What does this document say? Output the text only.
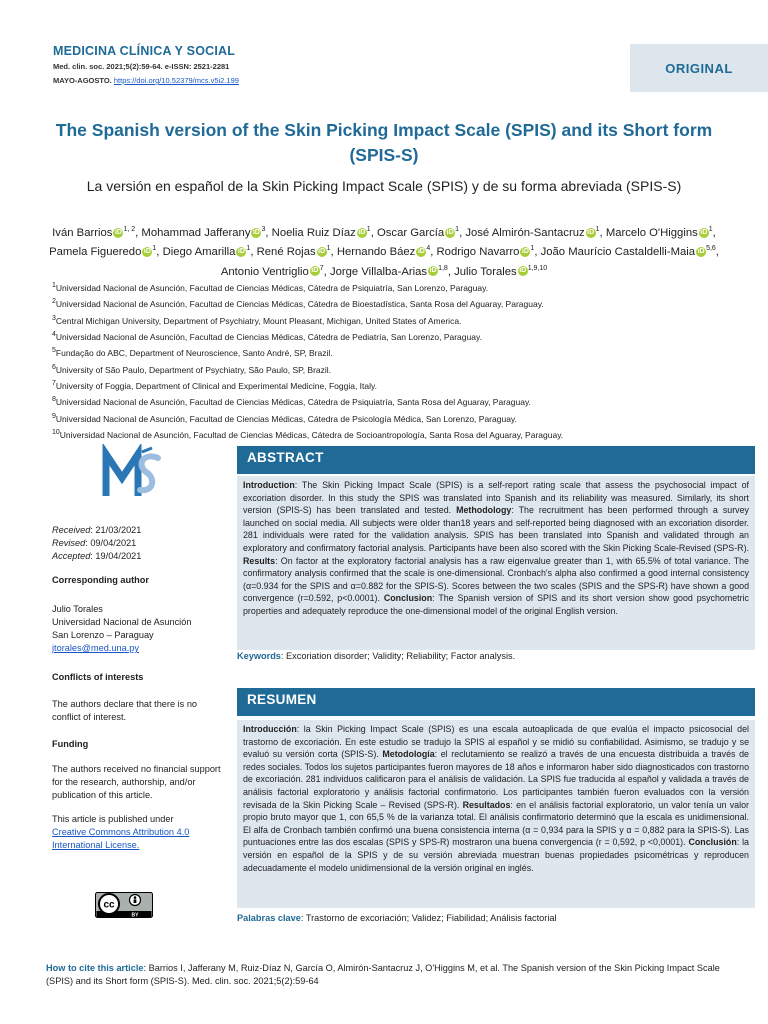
MEDICINA CLÍNICA Y SOCIAL
Med. clin. soc. 2021;5(2):59-64. e-ISSN: 2521-2281
MAYO-AGOSTO. https://doi.org/10.52379/mcs.v5i2.199
ORIGINAL
The Spanish version of the Skin Picking Impact Scale (SPIS) and its Short form (SPIS-S)
La versión en español de la Skin Picking Impact Scale (SPIS) y de su forma abreviada (SPIS-S)
Iván Barrios iD $^{1, 2}$, Mohammad Jafferany iD $^3$, Noelia Ruiz Díaz iD $^1$, Oscar García iD $^1$, José Almirón-Santacruz iD $^1$, Marcelo O'Higgins iD $^1$, Pamela Figueredo iD $^1$, Diego Amarilla iD $^1$, René Rojas iD $^1$, Hernando Báez iD $^4$, Rodrigo Navarro iD $^1$, João Maurício Castaldelli-Maia iD $^{5,6}$, Antonio Ventriglio iD $^7$, Jorge Villalba-Arias iD $^{1,8}$, Julio Torales iD $^{1,9,10}$
$^1$Universidad Nacional de Asunción, Facultad de Ciencias Médicas, Cátedra de Psiquiatría, San Lorenzo, Paraguay.
$^2$Universidad Nacional de Asunción, Facultad de Ciencias Médicas, Cátedra de Bioestadística, Santa Rosa del Aguaray, Paraguay.
$^3$Central Michigan University, Department of Psychiatry, Mount Pleasant, Michigan, United States of America.
$^4$Universidad Nacional de Asunción, Facultad de Ciencias Médicas, Cátedra de Pediatría, San Lorenzo, Paraguay.
$^5$Fundação do ABC, Department of Neuroscience, Santo André, SP, Brazil.
$^6$University of São Paulo, Department of Psychiatry, São Paulo, SP, Brazil.
$^7$University of Foggia, Department of Clinical and Experimental Medicine, Foggia, Italy.
$^8$Universidad Nacional de Asunción, Facultad de Ciencias Médicas, Cátedra de Psiquiatría, Santa Rosa del Aguaray, Paraguay.
$^9$Universidad Nacional de Asunción, Facultad de Ciencias Médicas, Cátedra de Psicología Médica, San Lorenzo, Paraguay.
$^{10}$Universidad Nacional de Asunción, Facultad de Ciencias Médicas, Cátedra de Socioantropología, Santa Rosa del Aguaray, Paraguay.
Received: 21/03/2021
Revised: 09/04/2021
Accepted: 19/04/2021
Corresponding author
Julio Torales
Universidad Nacional de Asunción
San Lorenzo – Paraguay
jtorales@med.una.py
Conflicts of interests
The authors declare that there is no conflict of interest.
Funding
The authors received no financial support for the research, authorship, and/or publication of this article.
This article is published under
Creative Commons Attribution 4.0 International License.
cc
BY
ABSTRACT
Introduction: The Skin Picking Impact Scale (SPIS) is a self-report rating scale that assess the psychosocial impact of excoriation disorder. In this study the SPIS was translated into Spanish and its reliability was measured. Similarly, its short version (SPIS-S) has been translated and tested. Methodology: The recruitment has been performed through a survey launched on social media. All subjects were older than18 years and self-reported being diagnosed with an excoriation disorder. 281 individuals were rated for the validation analysis. SPIS has been translated into Spanish and validated through an exploratory and confirmatory factorial analysis. Participants have been also scored with the Skin Picking Scale-Revised (SPS-R). Results: On factor at the exploratory factorial analysis has a raw eigenvalue greater than 1, with 65.5% of total variance. The confirmatory analysis confirmed that the scale is one-dimensional. Cronbach's alpha also confirmed a good internal consistency (α=0.934 for the SPIS and α=0.882 for the SPIS-S). Scores between the two scales (SPIS and the SPS-R) have shown a good convergence (r=0.592, p<0.0001). Conclusion: The Spanish version of SPIS and its short version show good psychometric properties and adequately reproduce the one-dimensional model of the original English version.
Keywords: Excoriation disorder; Validity; Reliability; Factor analysis.
RESUMEN
Introducción: la Skin Picking Impact Scale (SPIS) es una escala autoaplicada de que evalúa el impacto psicosocial del trastorno de excoriación. En este estudio se tradujo la SPIS al español y se midió su confiabilidad. Asimismo, se tradujo y se evaluó su versión corta (SPIS-S). Metodología: el reclutamiento se realizó a través de una encuesta distribuida a través de redes sociales. Todos los sujetos participantes fueron mayores de 18 años e informaron haber sido diagnosticados con trastorno de excoriación. 281 individuos calificaron para el análisis de validación. La SPIS fue traducida al español y validada a través de análisis factorial exploratorio y análisis factorial confirmatorio. Los participantes también fueron evaluados con la versión revisada de la Skin Picking Scale – Revised (SPS-R). Resultados: en el análisis factorial exploratorio, un valor tenía un valor propio bruto mayor que 1, con 65,5 % de la varianza total. El análisis confirmatorio determinó que la escala es unidimensional. El alfa de Cronbach también confirmó una buena consistencia interna (α = 0,934 para la SPIS y α = 0,882 para la SPIS-S). Las puntuaciones entre las dos escalas (SPIS y SPS-R) mostraron una buena convergencia (r = 0,592, p <0,0001). Conclusión: la versión en español de la SPIS y de su versión abreviada muestran buenas propiedades psicométricas y reproducen adecuadamente el modelo unidimensional de la versión original en inglés.
Palabras clave: Trastorno de excoriación; Validez; Fiabilidad; Análisis factorial
How to cite this article: Barrios I, Jafferany M, Ruiz-Díaz N, García O, Almirón-Santacruz J, O'Higgins M, et al. The Spanish version of the Skin Picking Impact Scale (SPIS) and its Short form (SPIS-S). Med. clin. soc. 2021;5(2):59-64
